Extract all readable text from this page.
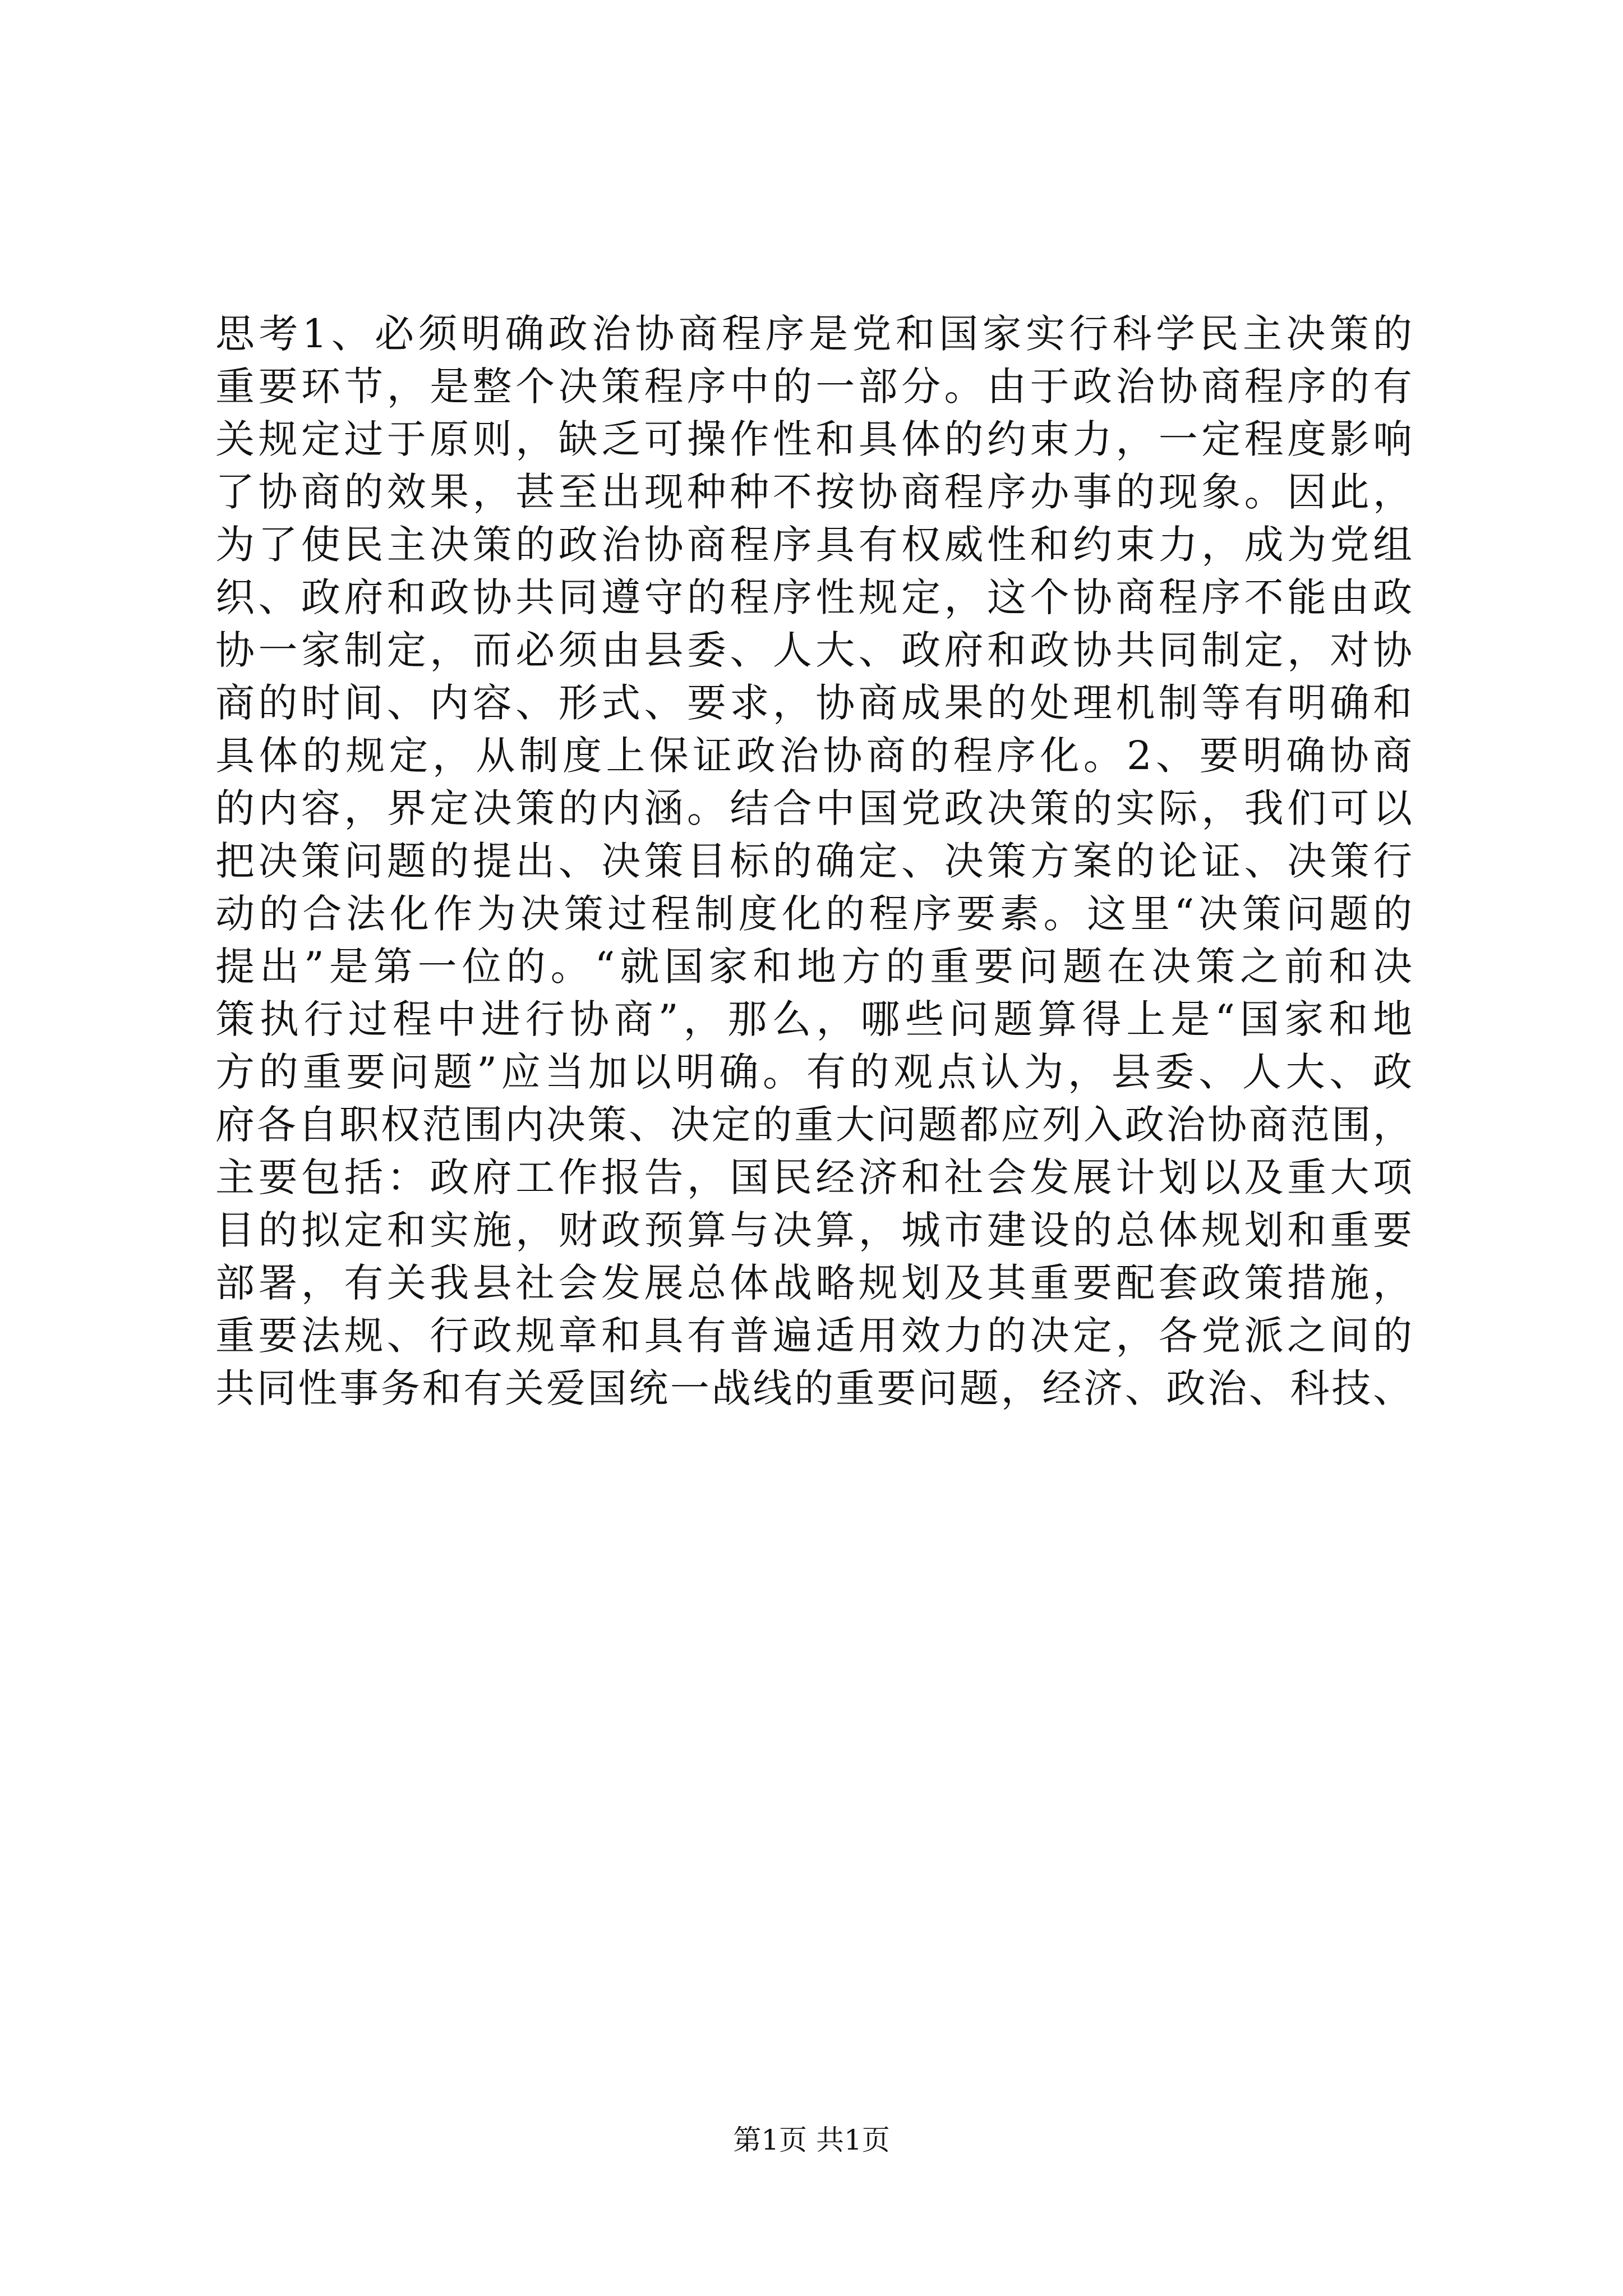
思考1、必须明确政治协商程序是党和国家实行科学民主决策的
重要环节，是整个决策程序中的一部分。由于政治协商程序的有
关规定过于原则，缺乏可操作性和具体的约束力，一定程度影响
了协商的效果，甚至出现种种不按协商程序办事的现象。因此，
为了使民主决策的政治协商程序具有权威性和约束力，成为党组
织、政府和政协共同遵守的程序性规定，这个协商程序不能由政
协一家制定，而必须由县委、人大、政府和政协共同制定，对协
商的时间、内容、形式、要求，协商成果的处理机制等有明确和
具体的规定，从制度上保证政治协商的程序化。2、要明确协商
的内容，界定决策的内涵。结合中国党政决策的实际，我们可以
把决策问题的提出、决策目标的确定、决策方案的论证、决策行
动的合法化作为决策过程制度化的程序要素。这里“决策问题的
提出”是第一位的。“就国家和地方的重要问题在决策之前和决
策执行过程中进行协商”，那么，哪些问题算得上是“国家和地
方的重要问题”应当加以明确。有的观点认为，县委、人大、政
府各自职权范围内决策、决定的重大问题都应列入政治协商范围，
主要包括：政府工作报告，国民经济和社会发展计划以及重大项
目的拟定和实施，财政预算与决算，城市建设的总体规划和重要
部署，有关我县社会发展总体战略规划及其重要配套政策措施，
重要法规、行政规章和具有普遍适用效力的决定，各党派之间的
共同性事务和有关爱国统一战线的重要问题，经济、政治、科技、
第1页 共1页
